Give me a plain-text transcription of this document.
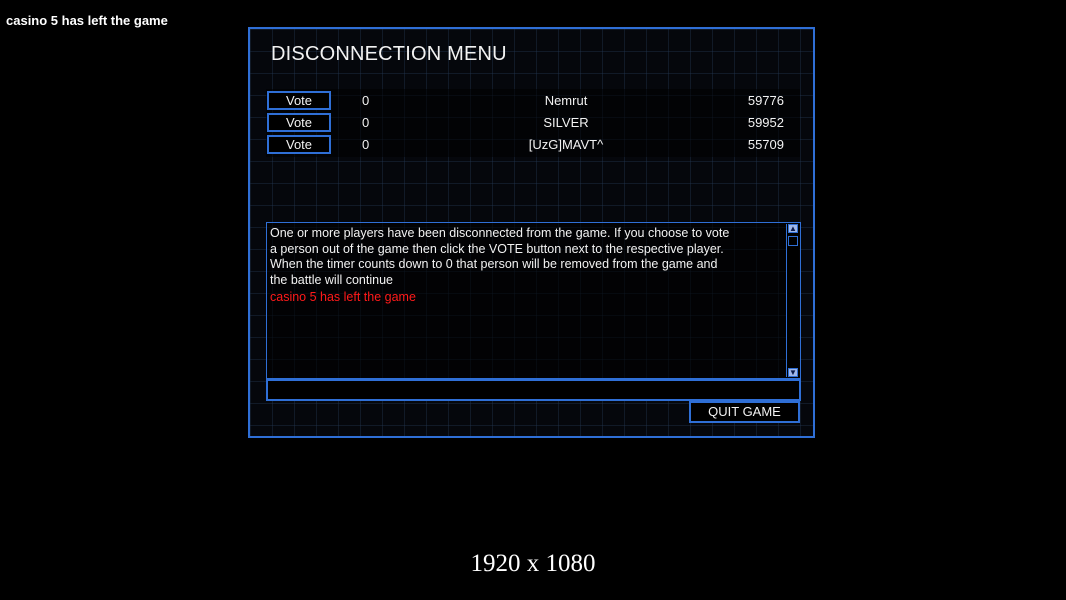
casino 5 has left the game
DISCONNECTION MENU
Vote	0	Nemrut	59776
Vote	0	SILVER	59952
Vote	0	[UzG]MAVT^	55709
One or more players have been disconnected from the game. If you choose to vote
a person out of the game then click the VOTE button next to the respective player.
When the timer counts down to 0 that person will be removed from the game and
the battle will continue
casino 5 has left the game
▲
▼
QUIT GAME
1920 x 1080
